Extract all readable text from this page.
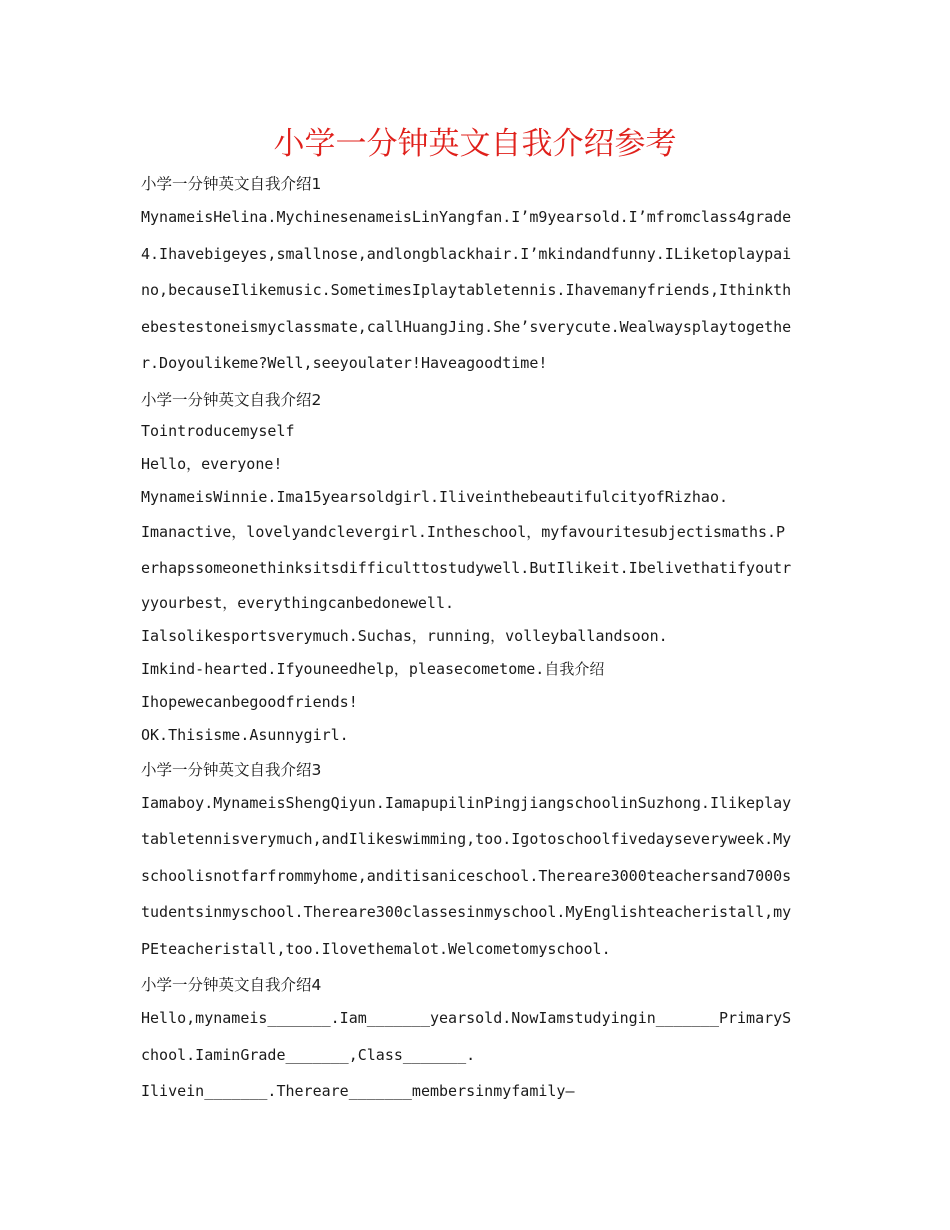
小学一分钟英文自我介绍参考
小学一分钟英文自我介绍1
MynameisHelina.MychinesenameisLinYangfan.I’m9yearsold.I’mfromclass4grade
4.Ihavebigeyes,smallnose,andlongblackhair.I’mkindandfunny.ILiketoplaypai
no,becauseIlikemusic.SometimesIplaytabletennis.Ihavemanyfriends,Ithinkth
ebestestoneismyclassmate,callHuangJing.She’sverycute.Wealwaysplaytogethe
r.Doyoulikeme?Well,seeyoulater!Haveagoodtime!
小学一分钟英文自我介绍2
Tointroducemyself
Hello，everyone!
MynameisWinnie.Ima15yearsoldgirl.IliveinthebeautifulcityofRizhao.
Imanactive，lovelyandclevergirl.Intheschool，myfavouritesubjectismaths.P
erhapssomeonethinksitsdifficulttostudywell.ButIlikeit.Ibelivethatifyoutr
yyourbest，everythingcanbedonewell.
Ialsolikesportsverymuch.Suchas，running，volleyballandsoon.
Imkind-hearted.Ifyouneedhelp，pleasecometome.自我介绍
Ihopewecanbegoodfriends!
OK.Thisisme.Asunnygirl.
小学一分钟英文自我介绍3
Iamaboy.MynameisShengQiyun.IamapupilinPingjiangschoolinSuzhong.Ilikeplay
tabletennisverymuch,andIlikeswimming,too.Igotoschoolfivedayseveryweek.My
schoolisnotfarfrommyhome,anditisaniceschool.Thereare3000teachersand7000s
tudentsinmyschool.Thereare300classesinmyschool.MyEnglishteacheristall,my
PEteacheristall,too.Ilovethemalot.Welcometomyschool.
小学一分钟英文自我介绍4
Hello,mynameis_______.Iam_______yearsold.NowIamstudyingin_______PrimaryS
chool.IaminGrade_______,Class_______.
Ilivein_______.Thereare_______membersinmyfamily—
